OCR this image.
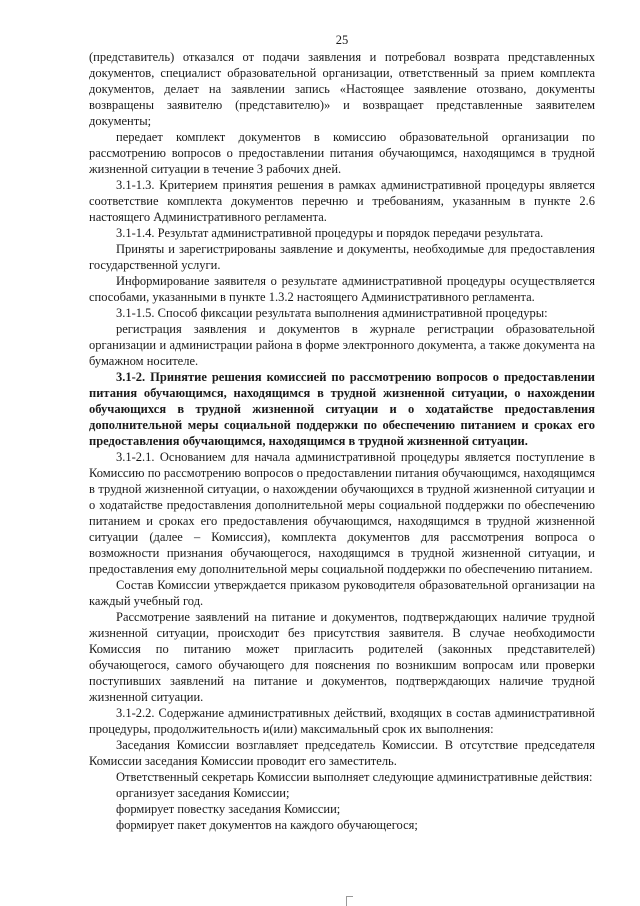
25

(представитель) отказался от подачи заявления и потребовал возврата представленных документов, специалист образовательной организации, ответственный за прием комплекта документов, делает на заявлении запись «Настоящее заявление отозвано, документы возвращены заявителю (представителю)» и возвращает представленные заявителем документы;

передает комплект документов в комиссию образовательной организации по рассмотрению вопросов о предоставлении питания обучающимся, находящимся в трудной жизненной ситуации в течение 3 рабочих дней.

3.1-1.3. Критерием принятия решения в рамках административной процедуры является соответствие комплекта документов перечню и требованиям, указанным в пункте 2.6 настоящего Административного регламента.

3.1-1.4. Результат административной процедуры и порядок передачи результата.

Приняты и зарегистрированы заявление и документы, необходимые для предоставления государственной услуги.

Информирование заявителя о результате административной процедуры осуществляется способами, указанными в пункте 1.3.2 настоящего Административного регламента.

3.1-1.5. Способ фиксации результата выполнения административной процедуры:

регистрация заявления и документов в журнале регистрации образовательной организации и администрации района в форме электронного документа, а также документа на бумажном носителе.

3.1-2. Принятие решения комиссией по рассмотрению вопросов о предоставлении питания обучающимся, находящимся в трудной жизненной ситуации, о нахождении обучающихся в трудной жизненной ситуации и о ходатайстве предоставления дополнительной меры социальной поддержки по обеспечению питанием и сроках его предоставления обучающимся, находящимся в трудной жизненной ситуации.

3.1-2.1. Основанием для начала административной процедуры является поступление в Комиссию по рассмотрению вопросов о предоставлении питания обучающимся, находящимся в трудной жизненной ситуации, о нахождении обучающихся в трудной жизненной ситуации и о ходатайстве предоставления дополнительной меры социальной поддержки по обеспечению питанием и сроках его предоставления обучающимся, находящимся в трудной жизненной ситуации (далее – Комиссия), комплекта документов для рассмотрения вопроса о возможности признания обучающегося, находящимся в трудной жизненной ситуации, и предоставления ему дополнительной меры социальной поддержки по обеспечению питанием.

Состав Комиссии утверждается приказом руководителя образовательной организации на каждый учебный год.

Рассмотрение заявлений на питание и документов, подтверждающих наличие трудной жизненной ситуации, происходит без присутствия заявителя. В случае необходимости Комиссия по питанию может пригласить родителей (законных представителей) обучающегося, самого обучающего для пояснения по возникшим вопросам или проверки поступивших заявлений на питание и документов, подтверждающих наличие трудной жизненной ситуации.

3.1-2.2. Содержание административных действий, входящих в состав административной процедуры, продолжительность и(или) максимальный срок их выполнения:

Заседания Комиссии возглавляет председатель Комиссии. В отсутствие председателя Комиссии заседания Комиссии проводит его заместитель.

Ответственный секретарь Комиссии выполняет следующие административные действия:

организует заседания Комиссии;

формирует повестку заседания Комиссии;

формирует пакет документов на каждого обучающегося;
